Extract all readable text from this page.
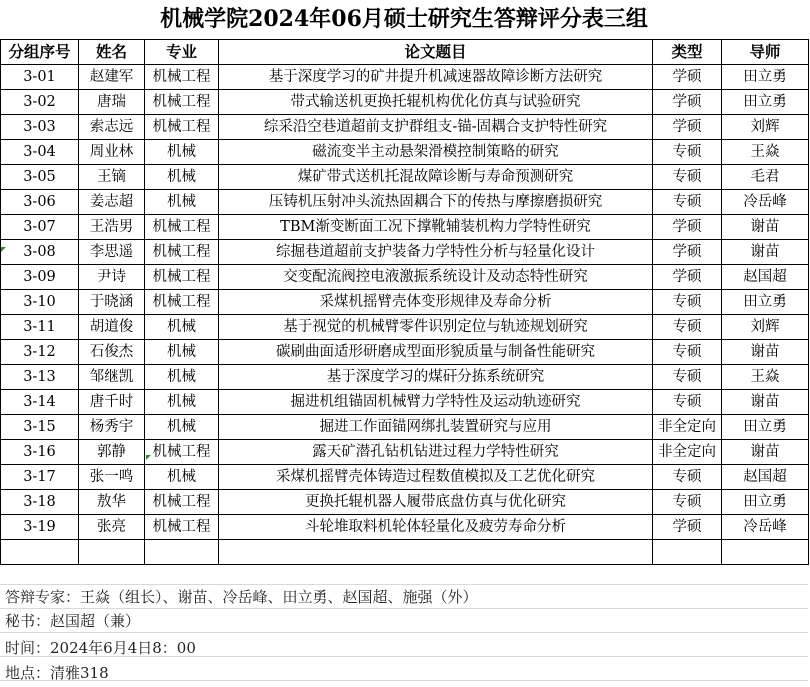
机械学院2024年06月硕士研究生答辩评分表三组
分组序号	姓名	专业	论文题目	类型	导师
3-01	赵建军	机械工程	基于深度学习的矿井提升机减速器故障诊断方法研究	学硕	田立勇
3-02	唐瑞	机械工程	带式输送机更换托辊机构优化仿真与试验研究	学硕	田立勇
3-03	索志远	机械工程	综采沿空巷道超前支护群组支-锚-固耦合支护特性研究	学硕	刘辉
3-04	周业林	机械	磁流变半主动悬架滑模控制策略的研究	专硕	王焱
3-05	王镝	机械	煤矿带式送机托混故障诊断与寿命预测研究	专硕	毛君
3-06	姜志超	机械	压铸机压射冲头流热固耦合下的传热与摩擦磨损研究	专硕	冷岳峰
3-07	王浩男	机械工程	TBM渐变断面工况下撑靴辅装机构力学特性研究	学硕	谢苗
3-08	李思遥	机械工程	综掘巷道超前支护装备力学特性分析与轻量化设计	学硕	谢苗
3-09	尹诗	机械工程	交变配流阀控电液激振系统设计及动态特性研究	学硕	赵国超
3-10	于晓涵	机械工程	采煤机摇臂壳体变形规律及寿命分析	专硕	田立勇
3-11	胡道俊	机械	基于视觉的机械臂零件识别定位与轨迹规划研究	专硕	刘辉
3-12	石俊杰	机械	碳刷曲面适形研磨成型面形貌质量与制备性能研究	专硕	谢苗
3-13	邹继凯	机械	基于深度学习的煤矸分拣系统研究	专硕	王焱
3-14	唐千时	机械	掘进机组锚固机械臂力学特性及运动轨迹研究	专硕	谢苗
3-15	杨秀宇	机械	掘进工作面锚网绑扎装置研究与应用	非全定向	田立勇
3-16	郭静	机械工程	露天矿潜孔钻机钻进过程力学特性研究	非全定向	谢苗
3-17	张一鸣	机械	采煤机摇臂壳体铸造过程数值模拟及工艺优化研究	专硕	赵国超
3-18	敖华	机械工程	更换托辊机器人履带底盘仿真与优化研究	专硕	田立勇
3-19	张亮	机械工程	斗轮堆取料机轮体轻量化及疲劳寿命分析	学硕	冷岳峰

答辩专家：王焱（组长）、谢苗、冷岳峰、田立勇、赵国超、施强（外）
秘书：赵国超（兼）
时间：2024年6月4日8：00
地点：清雅318
